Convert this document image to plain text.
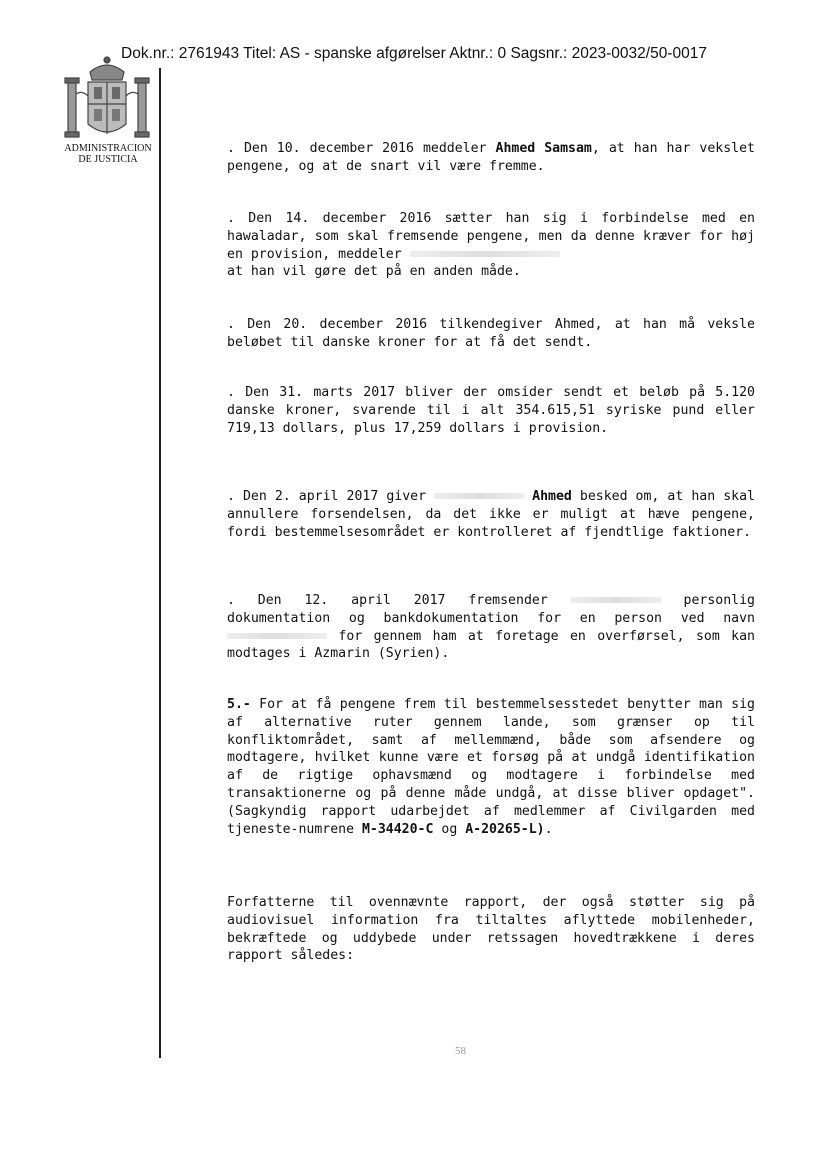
Dok.nr.: 2761943 Titel: AS - spanske afgørelser Aktnr.: 0 Sagsnr.: 2023-0032/50-0017
ADMINISTRACION
DE JUSTICIA

. Den 10. december 2016 meddeler Ahmed Samsam, at han har vekslet pengene, og at de snart vil være fremme.

. Den 14. december 2016 sætter han sig i forbindelse med en hawaladar, som skal fremsende pengene, men da denne kræver for høj en provision, meddeler
at han vil gøre det på en anden måde.

. Den 20. december 2016 tilkendegiver Ahmed, at han må veksle beløbet til danske kroner for at få det sendt.

. Den 31. marts 2017 bliver der omsider sendt et beløb på 5.120 danske kroner, svarende til i alt 354.615,51 syriske pund eller 719,13 dollars, plus 17,259 dollars i provision.

. Den 2. april 2017 giver	Ahmed besked om, at han skal annullere forsendelsen, da det ikke er muligt at hæve pengene, fordi bestemmelsesområdet er kontrolleret af fjendtlige faktioner.

. Den 12. april 2017 fremsender	personlig dokumentation og bankdokumentation for en person ved navn  for gennem ham at foretage en overførsel, som kan modtages i Azmarin (Syrien).

5.- For at få pengene frem til bestemmelsesstedet benytter man sig af alternative ruter gennem lande, som grænser op til konfliktområdet, samt af mellemmænd, både som afsendere og modtagere, hvilket kunne være et forsøg på at undgå identifikation af de rigtige ophavsmænd og modtagere i forbindelse med transaktionerne og på denne måde undgå, at disse bliver opdaget". (Sagkyndig rapport udarbejdet af medlemmer af Civilgarden med tjeneste-numrene M-34420-C og A-20265-L).

Forfatterne til ovennævnte rapport, der også støtter sig på audiovisuel information fra tiltaltes aflyttede mobilenheder, bekræftede og uddybede under retssagen hovedtrækkene i deres rapport således:

58
